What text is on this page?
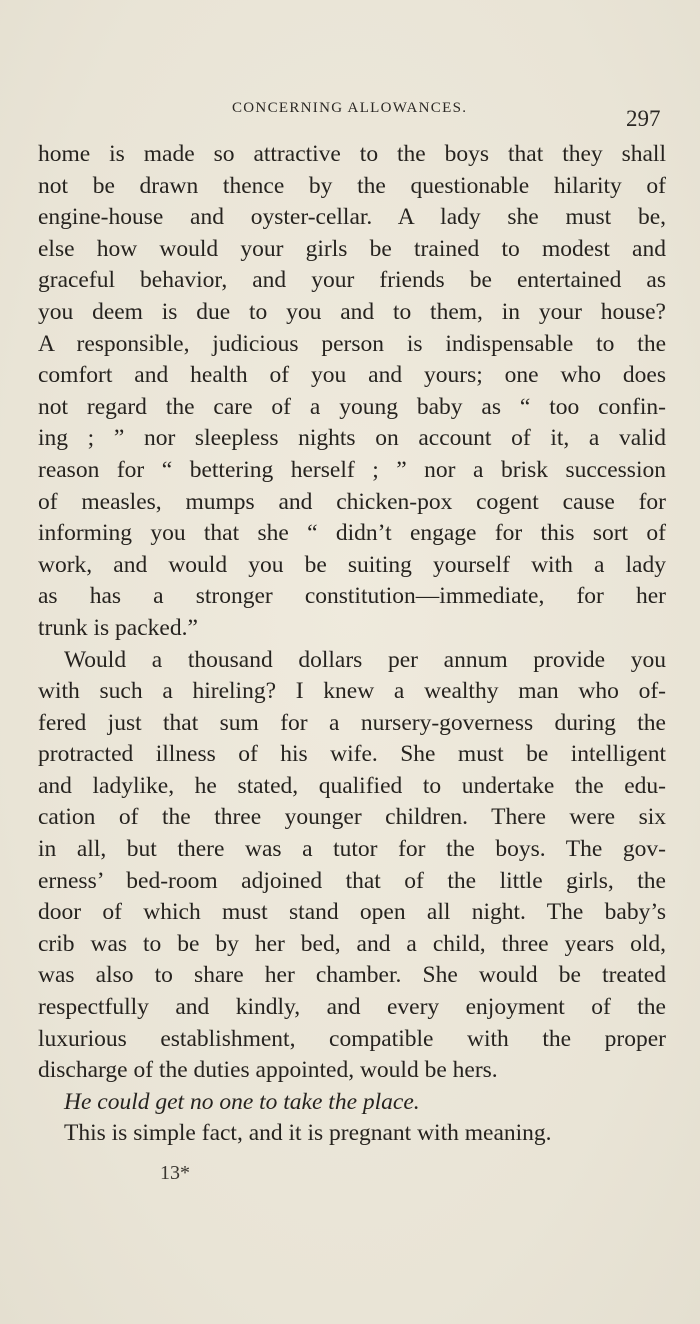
CONCERNING ALLOWANCES.	297
home is made so attractive to the boys that they shall
not be drawn thence by the questionable hilarity of
engine-house and oyster-cellar. A lady she must be,
else how would your girls be trained to modest and
graceful behavior, and your friends be entertained as
you deem is due to you and to them, in your house?
A responsible, judicious person is indispensable to the
comfort and health of you and yours; one who does
not regard the care of a young baby as “ too confin-
ing ; ” nor sleepless nights on account of it, a valid
reason for “ bettering herself ; ” nor a brisk succession
of measles, mumps and chicken-pox cogent cause for
informing you that she “ didn’t engage for this sort of
work, and would you be suiting yourself with a lady
as has a stronger constitution—immediate, for her
trunk is packed.”
Would a thousand dollars per annum provide you
with such a hireling? I knew a wealthy man who of-
fered just that sum for a nursery-governess during the
protracted illness of his wife. She must be intelligent
and ladylike, he stated, qualified to undertake the edu-
cation of the three younger children. There were six
in all, but there was a tutor for the boys. The gov-
erness’ bed-room adjoined that of the little girls, the
door of which must stand open all night. The baby’s
crib was to be by her bed, and a child, three years old,
was also to share her chamber. She would be treated
respectfully and kindly, and every enjoyment of the
luxurious establishment, compatible with the proper
discharge of the duties appointed, would be hers.
He could get no one to take the place.
This is simple fact, and it is pregnant with meaning.
13*
